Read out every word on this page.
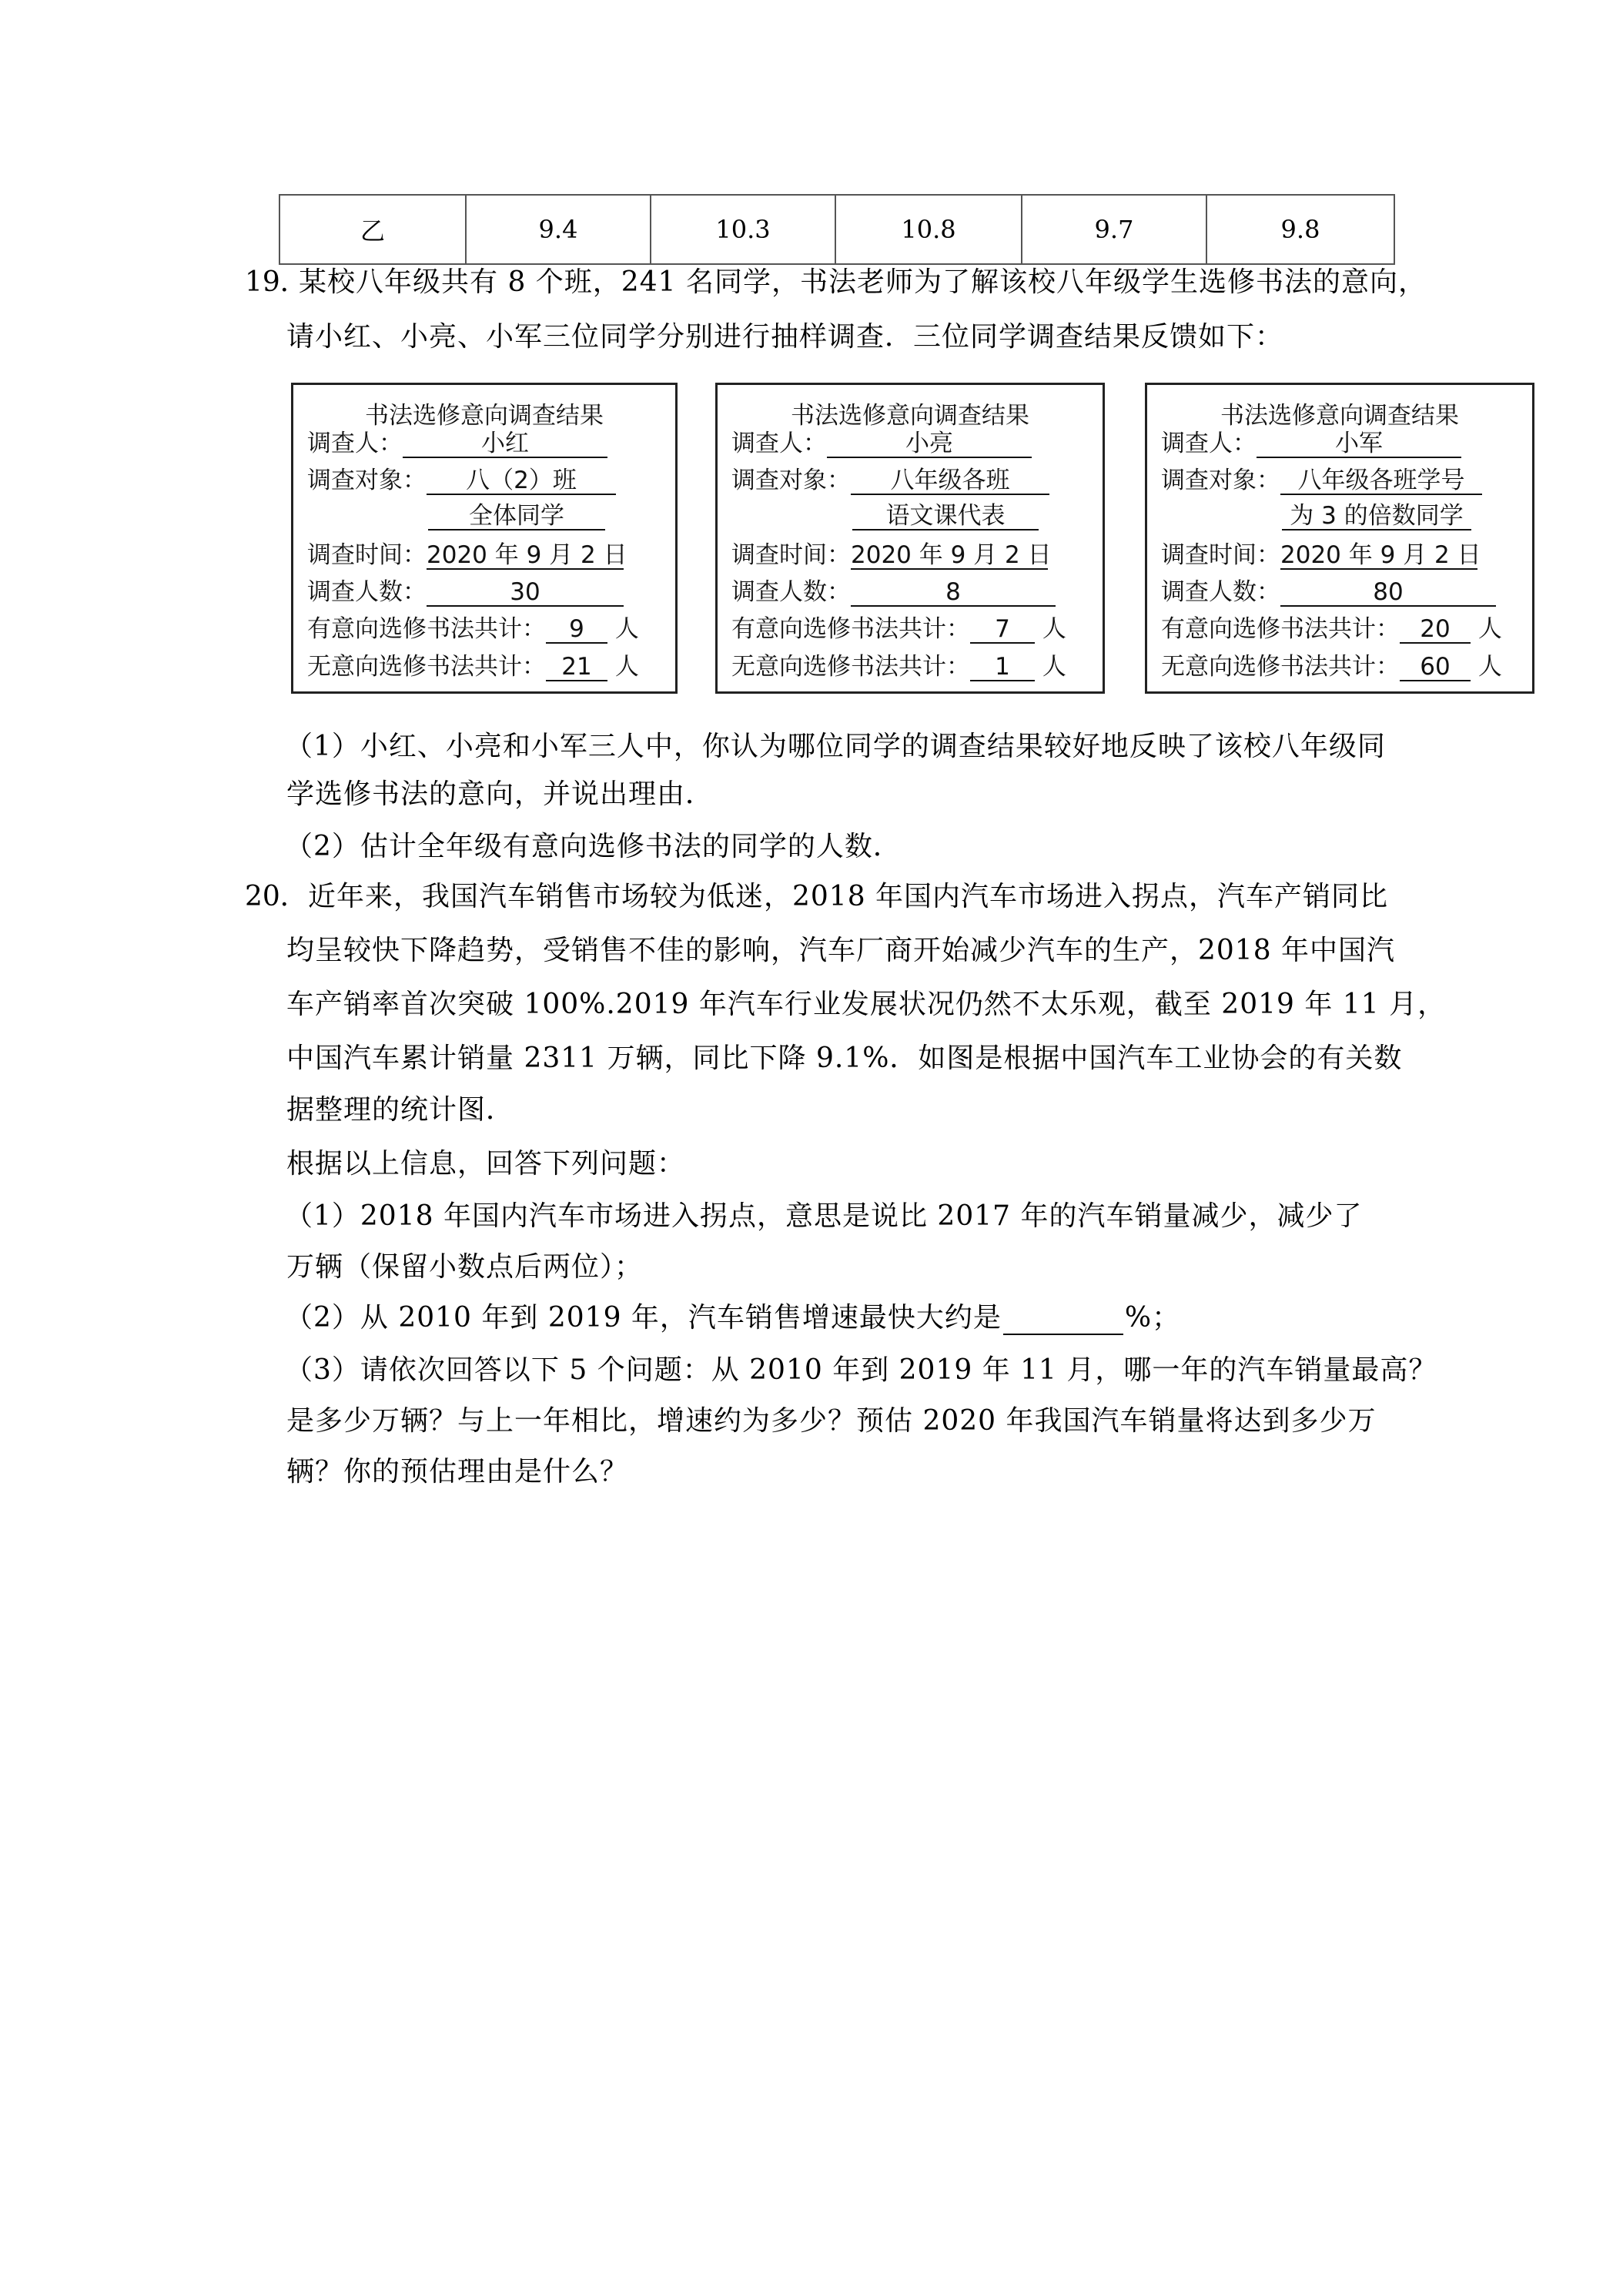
乙	9.4	10.3	10.8	9.7	9.8
19．
某校八年级共有 8 个班，241 名同学，书法老师为了解该校八年级学生选修书法的意向，
请小红、小亮、小军三位同学分别进行抽样调查．三位同学调查结果反馈如下：
书法选修意向调查结果
调查人：	小红
调查对象： 八（2）班
全体同学
调查时间：2020 年 9 月 2 日
调查人数：	30
有意向选修书法共计： 9 人
无意向选修书法共计： 21 人
书法选修意向调查结果
调查人：	小亮
调查对象： 八年级各班
语文课代表
调查时间：2020 年 9 月 2 日
调查人数：	8
有意向选修书法共计： 7 人
无意向选修书法共计： 1 人
书法选修意向调查结果
调查人：	小军
调查对象： 八年级各班学号
为 3 的倍数同学
调查时间：2020 年 9 月 2 日
调查人数：	80
有意向选修书法共计： 20 人
无意向选修书法共计： 60 人
（1）小红、小亮和小军三人中，你认为哪位同学的调查结果较好地反映了该校八年级同
学选修书法的意向，并说出理由．
（2）估计全年级有意向选修书法的同学的人数．
20． 近年来，我国汽车销售市场较为低迷，2018 年国内汽车市场进入拐点，汽车产销同比
均呈较快下降趋势，受销售不佳的影响，汽车厂商开始减少汽车的生产，2018 年中国汽
车产销率首次突破 100%.2019 年汽车行业发展状况仍然不太乐观，截至 2019 年 11 月，
中国汽车累计销量 2311 万辆，同比下降 9.1%．如图是根据中国汽车工业协会的有关数
据整理的统计图．
根据以上信息，回答下列问题：
（1）2018 年国内汽车市场进入拐点，意思是说比 2017 年的汽车销量减少，减少了
万辆（保留小数点后两位）；
（2）从 2010 年到 2019 年，汽车销售增速最快大约是	%；
（3）请依次回答以下 5 个问题：从 2010 年到 2019 年 11 月，哪一年的汽车销量最高？
是多少万辆？与上一年相比，增速约为多少？预估 2020 年我国汽车销量将达到多少万
辆？你的预估理由是什么？
